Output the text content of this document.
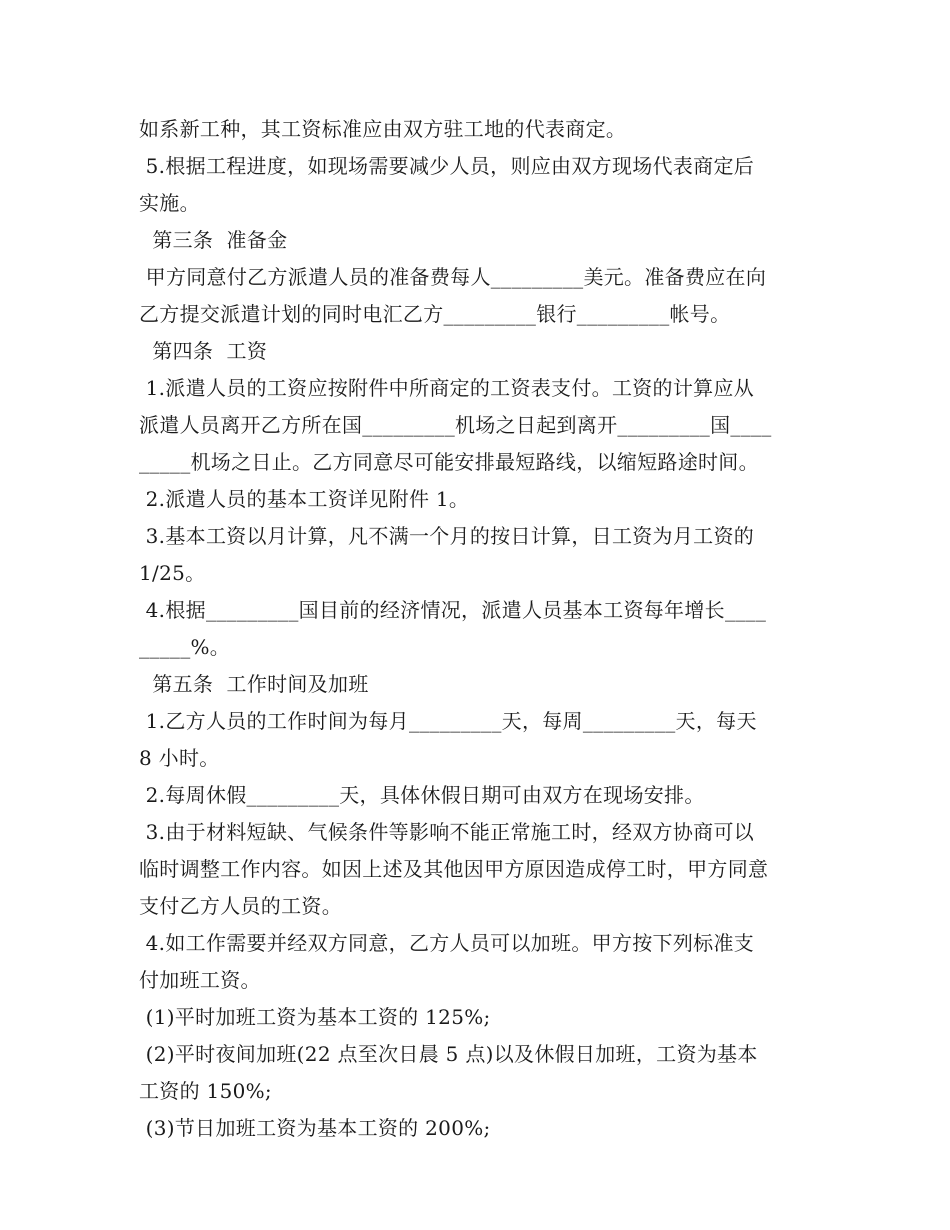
如系新工种，其工资标准应由双方驻工地的代表商定。
5.根据工程进度，如现场需要减少人员，则应由双方现场代表商定后
实施。
第三条  准备金
甲方同意付乙方派遣人员的准备费每人_________美元。准备费应在向
乙方提交派遣计划的同时电汇乙方_________银行_________帐号。
第四条  工资
1.派遣人员的工资应按附件中所商定的工资表支付。工资的计算应从
派遣人员离开乙方所在国_________机场之日起到离开_________国____
_____机场之日止。乙方同意尽可能安排最短路线，以缩短路途时间。
2.派遣人员的基本工资详见附件 1。
3.基本工资以月计算，凡不满一个月的按日计算，日工资为月工资的
1/25。
4.根据_________国目前的经济情况，派遣人员基本工资每年增长____
_____%。
第五条  工作时间及加班
1.乙方人员的工作时间为每月_________天，每周_________天，每天
8 小时。
2.每周休假_________天，具体休假日期可由双方在现场安排。
3.由于材料短缺、气候条件等影响不能正常施工时，经双方协商可以
临时调整工作内容。如因上述及其他因甲方原因造成停工时，甲方同意
支付乙方人员的工资。
4.如工作需要并经双方同意，乙方人员可以加班。甲方按下列标准支
付加班工资。
(1)平时加班工资为基本工资的 125%;
(2)平时夜间加班(22 点至次日晨 5 点)以及休假日加班，工资为基本
工资的 150%;
(3)节日加班工资为基本工资的 200%;
